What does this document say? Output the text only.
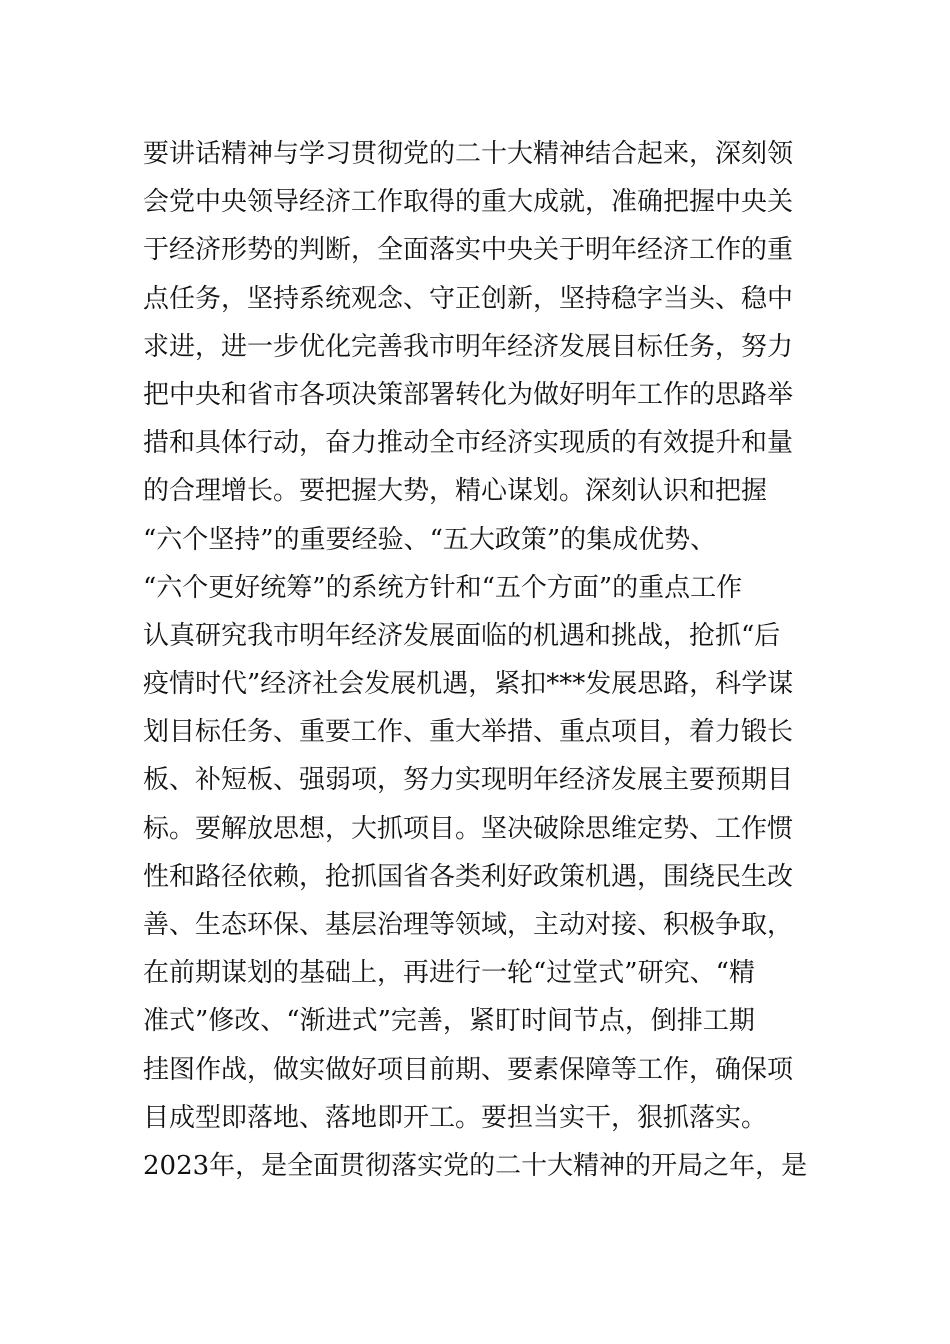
要讲话精神与学习贯彻党的二十大精神结合起来，深刻领
会党中央领导经济工作取得的重大成就，准确把握中央关
于经济形势的判断，全面落实中央关于明年经济工作的重
点任务，坚持系统观念、守正创新，坚持稳字当头、稳中
求进，进一步优化完善我市明年经济发展目标任务，努力
把中央和省市各项决策部署转化为做好明年工作的思路举
措和具体行动，奋力推动全市经济实现质的有效提升和量
的合理增长。要把握大势，精心谋划。深刻认识和把握
“六个坚持”的重要经验、“五大政策”的集成优势、
“六个更好统筹”的系统方针和“五个方面”的重点工作
认真研究我市明年经济发展面临的机遇和挑战，抢抓“后
疫情时代”经济社会发展机遇，紧扣***发展思路，科学谋
划目标任务、重要工作、重大举措、重点项目，着力锻长
板、补短板、强弱项，努力实现明年经济发展主要预期目
标。要解放思想，大抓项目。坚决破除思维定势、工作惯
性和路径依赖，抢抓国省各类利好政策机遇，围绕民生改
善、生态环保、基层治理等领域，主动对接、积极争取，
在前期谋划的基础上，再进行一轮“过堂式”研究、“精
准式”修改、“渐进式”完善，紧盯时间节点，倒排工期
挂图作战，做实做好项目前期、要素保障等工作，确保项
目成型即落地、落地即开工。要担当实干，狠抓落实。
2023年，是全面贯彻落实党的二十大精神的开局之年，是
